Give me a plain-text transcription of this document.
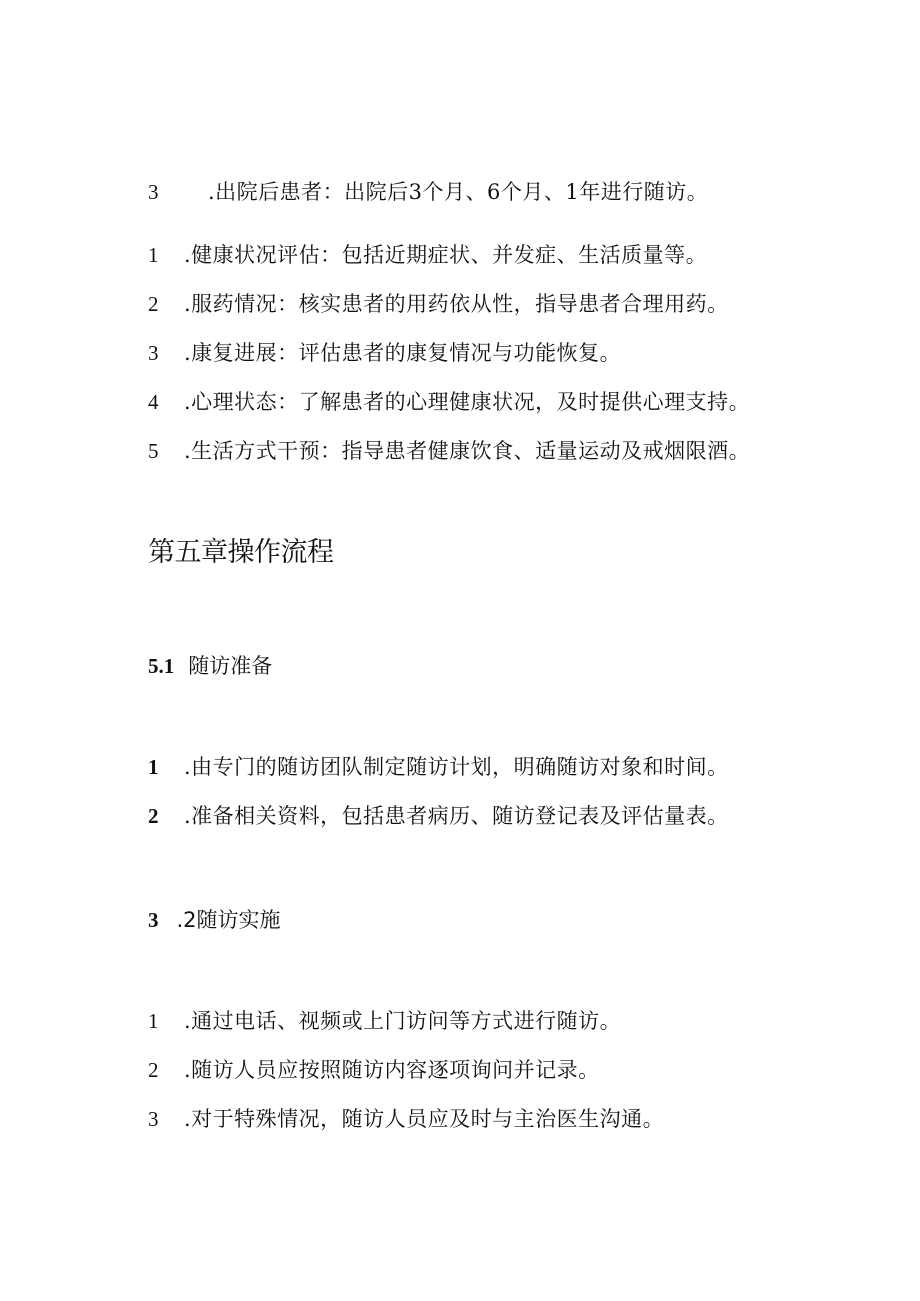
3 .出院后患者：出院后3个月、6个月、1年进行随访。
1 .健康状况评估：包括近期症状、并发症、生活质量等。
2 .服药情况：核实患者的用药依从性，指导患者合理用药。
3 .康复进展：评估患者的康复情况与功能恢复。
4 .心理状态：了解患者的心理健康状况，及时提供心理支持。
5 .生活方式干预：指导患者健康饮食、适量运动及戒烟限酒。
第五章操作流程
5.1 随访准备
1 .由专门的随访团队制定随访计划，明确随访对象和时间。
2 .准备相关资料，包括患者病历、随访登记表及评估量表。
3 .2随访实施
1 .通过电话、视频或上门访问等方式进行随访。
2 .随访人员应按照随访内容逐项询问并记录。
3 .对于特殊情况，随访人员应及时与主治医生沟通。
